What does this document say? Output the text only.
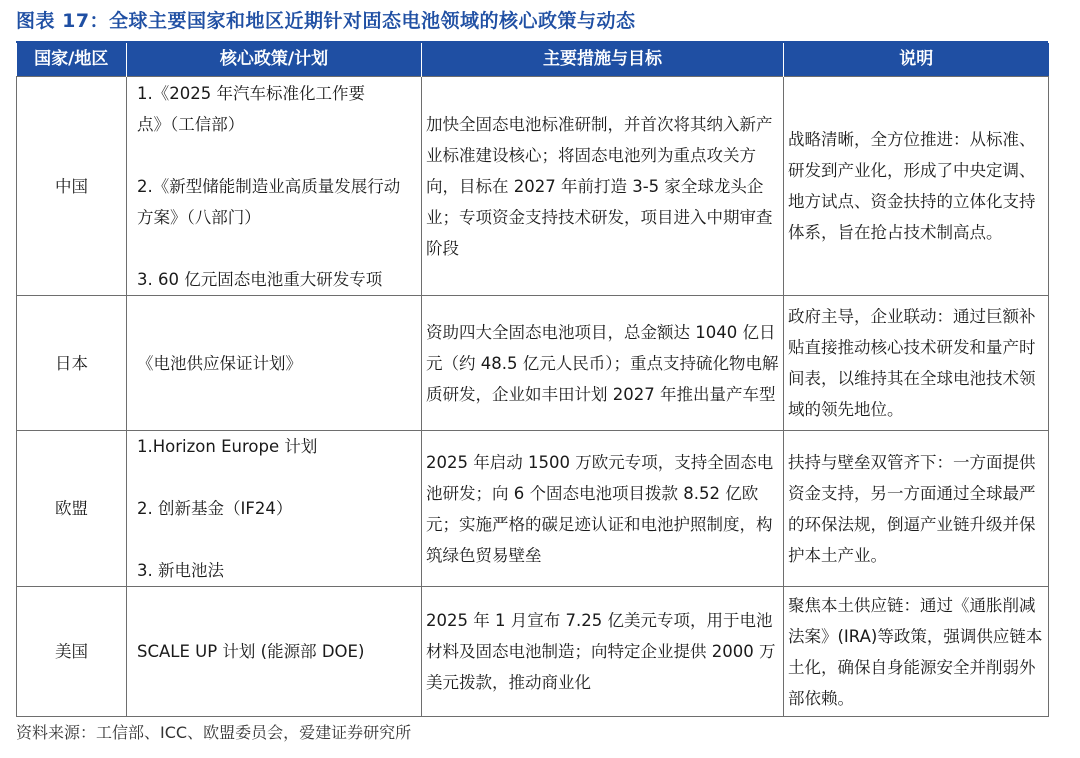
图表 17：全球主要国家和地区近期针对固态电池领域的核心政策与动态
国家/地区	核心政策/计划	主要措施与目标	说明
中国	1.《2025 年汽车标准化工作要
点》（工信部）
2.《新型储能制造业高质量发展行动
方案》（八部门）
3. 60 亿元固态电池重大研发专项	加快全固态电池标准研制，并首次将其纳入新产业标准建设核心；将固态电池列为重点攻关方向，目标在 2027 年前打造 3-5 家全球龙头企业；专项资金支持技术研发，项目进入中期审查阶段	战略清晰，全方位推进：从标准、研发到产业化，形成了中央定调、地方试点、资金扶持的立体化支持体系，旨在抢占技术制高点。

日本	《电池供应保证计划》	资助四大全固态电池项目，总金额达 1040 亿日元（约 48.5 亿元人民币）；重点支持硫化物电解质研发，企业如丰田计划 2027 年推出量产车型	政府主导，企业联动：通过巨额补贴直接推动核心技术研发和量产时间表，以维持其在全球电池技术领域的领先地位。

欧盟	1.Horizon Europe 计划
2. 创新基金（IF24）
3. 新电池法	2025 年启动 1500 万欧元专项，支持全固态电池研发；向 6 个固态电池项目拨款 8.52 亿欧元；实施严格的碳足迹认证和电池护照制度，构筑绿色贸易壁垒	扶持与壁垒双管齐下：一方面提供资金支持，另一方面通过全球最严的环保法规，倒逼产业链升级并保护本土产业。

美国	SCALE UP 计划 (能源部 DOE)	2025 年 1 月宣布 7.25 亿美元专项，用于电池材料及固态电池制造；向特定企业提供 2000 万美元拨款，推动商业化	聚焦本土供应链：通过《通胀削减法案》(IRA)等政策，强调供应链本土化，确保自身能源安全并削弱外部依赖。
资料来源：工信部、ICC、欧盟委员会，爱建证券研究所
